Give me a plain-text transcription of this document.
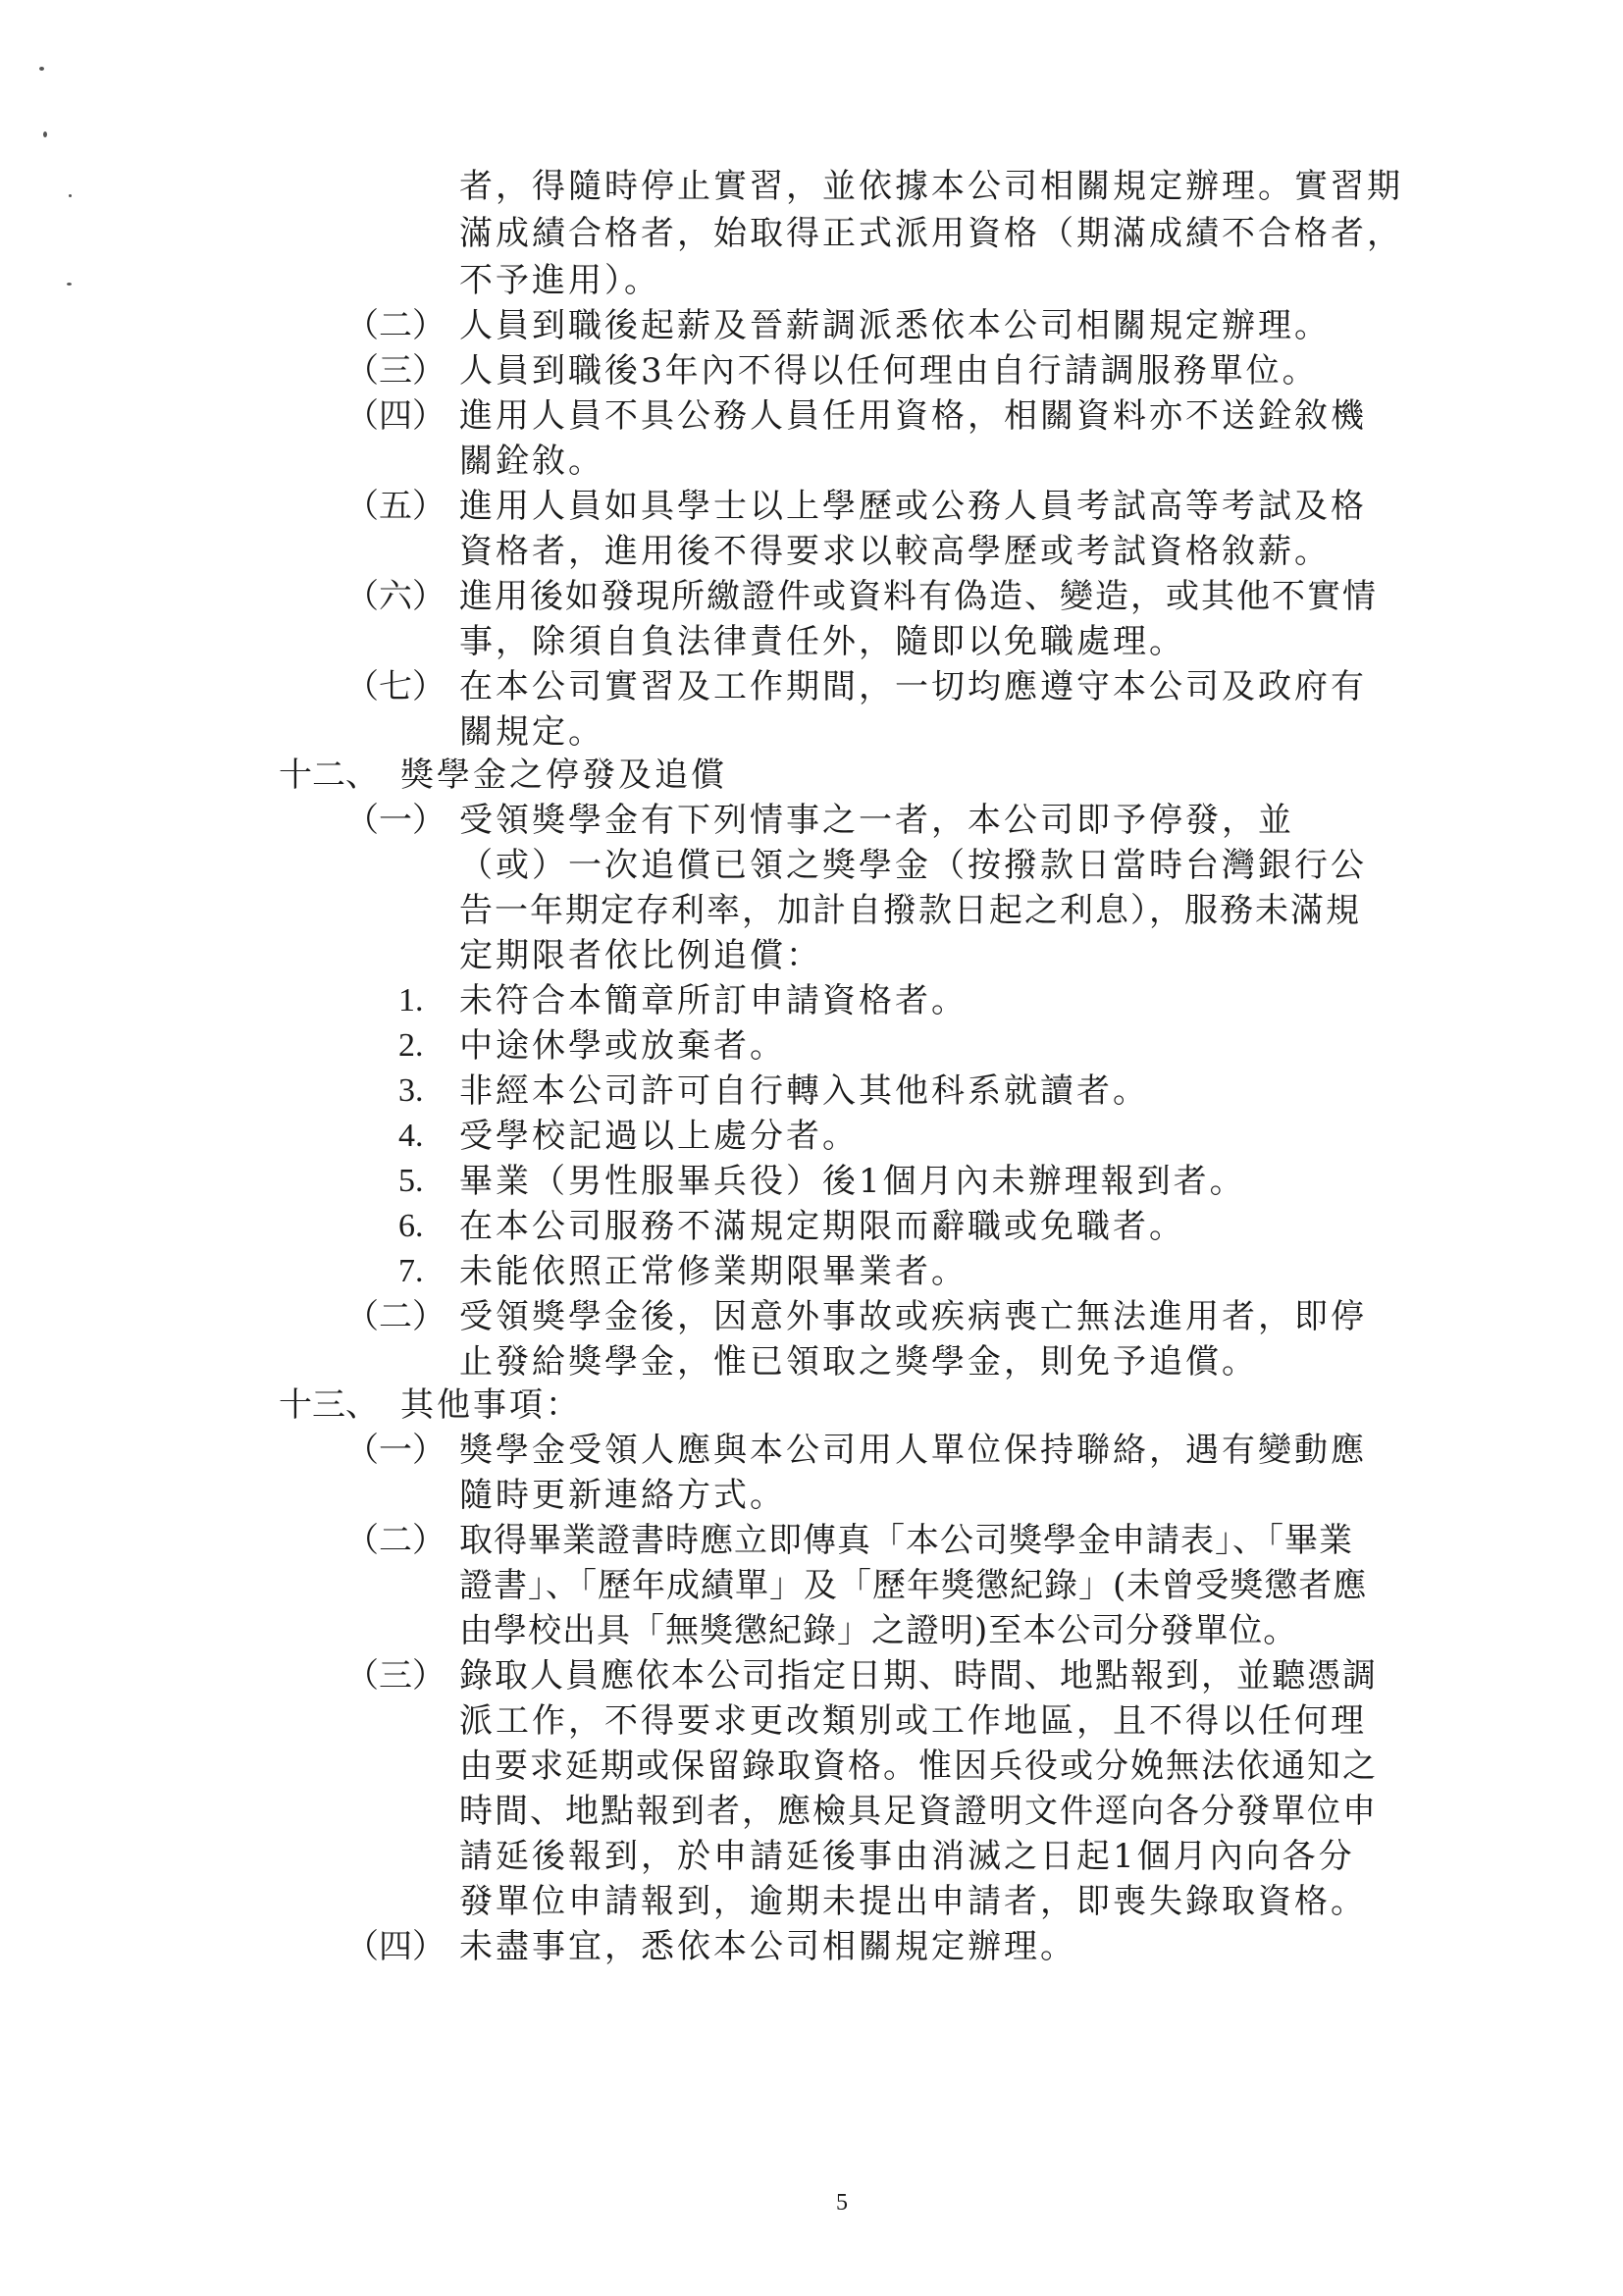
者，得隨時停止實習，並依據本公司相關規定辦理。實習期
滿成績合格者，始取得正式派用資格（期滿成績不合格者，
不予進用）。
（二） 人員到職後起薪及晉薪調派悉依本公司相關規定辦理。
（三） 人員到職後3年內不得以任何理由自行請調服務單位。
（四） 進用人員不具公務人員任用資格，相關資料亦不送銓敘機
關銓敘。
（五） 進用人員如具學士以上學歷或公務人員考試高等考試及格
資格者，進用後不得要求以較高學歷或考試資格敘薪。
（六） 進用後如發現所繳證件或資料有偽造、變造，或其他不實情
事，除須自負法律責任外，隨即以免職處理。
（七） 在本公司實習及工作期間，一切均應遵守本公司及政府有
關規定。
十二、 獎學金之停發及追償
（一） 受領獎學金有下列情事之一者，本公司即予停發，並
（或）一次追償已領之獎學金（按撥款日當時台灣銀行公
告一年期定存利率，加計自撥款日起之利息），服務未滿規
定期限者依比例追償：
1. 未符合本簡章所訂申請資格者。
2. 中途休學或放棄者。
3. 非經本公司許可自行轉入其他科系就讀者。
4. 受學校記過以上處分者。
5. 畢業（男性服畢兵役）後1個月內未辦理報到者。
6. 在本公司服務不滿規定期限而辭職或免職者。
7. 未能依照正常修業期限畢業者。
（二） 受領獎學金後，因意外事故或疾病喪亡無法進用者，即停
止發給獎學金，惟已領取之獎學金，則免予追償。
十三、 其他事項：
（一） 獎學金受領人應與本公司用人單位保持聯絡，遇有變動應
隨時更新連絡方式。
（二） 取得畢業證書時應立即傳真「本公司獎學金申請表」、「畢業
證書」、「歷年成績單」及「歷年獎懲紀錄」(未曾受獎懲者應
由學校出具「無獎懲紀錄」之證明)至本公司分發單位。
（三） 錄取人員應依本公司指定日期、時間、地點報到，並聽憑調
派工作，不得要求更改類別或工作地區，且不得以任何理
由要求延期或保留錄取資格。惟因兵役或分娩無法依通知之
時間、地點報到者，應檢具足資證明文件逕向各分發單位申
請延後報到，於申請延後事由消滅之日起1個月內向各分
發單位申請報到，逾期未提出申請者，即喪失錄取資格。
（四） 未盡事宜，悉依本公司相關規定辦理。
5
